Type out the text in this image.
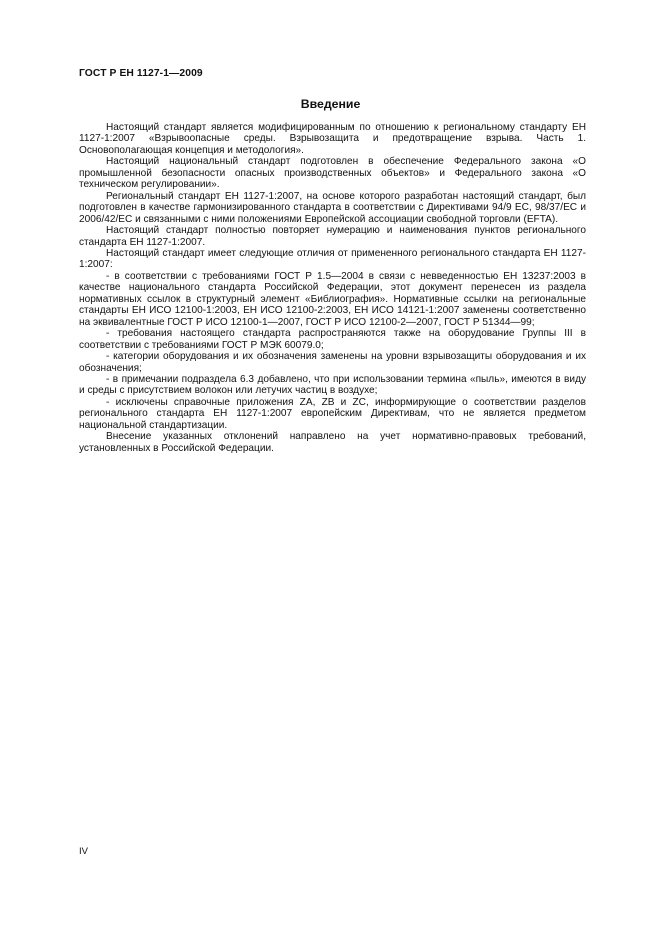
ГОСТ Р ЕН 1127-1—2009
Введение

Настоящий стандарт является модифицированным по отношению к региональному стандарту ЕН 1127-1:2007 «Взрывоопасные среды. Взрывозащита и предотвращение взрыва. Часть 1. Основополагающая концепция и методология».

Настоящий национальный стандарт подготовлен в обеспечение Федерального закона «О промышленной безопасности опасных производственных объектов» и Федерального закона «О техническом регулировании».

Региональный стандарт ЕН 1127-1:2007, на основе которого разработан настоящий стандарт, был подготовлен в качестве гармонизированного стандарта в соответствии с Директивами 94/9 ЕС, 98/37/ЕС и 2006/42/ЕС и связанными с ними положениями Европейской ассоциации свободной торговли (EFTA).

Настоящий стандарт полностью повторяет нумерацию и наименования пунктов регионального стандарта ЕН 1127-1:2007.

Настоящий стандарт имеет следующие отличия от примененного регионального стандарта ЕН 1127-1:2007:

- в соответствии с требованиями ГОСТ Р 1.5—2004 в связи с невведенностью ЕН 13237:2003 в качестве национального стандарта Российской Федерации, этот документ перенесен из раздела нормативных ссылок в структурный элемент «Библиография». Нормативные ссылки на региональные стандарты ЕН ИСО 12100-1:2003, ЕН ИСО 12100-2:2003, ЕН ИСО 14121-1:2007 заменены соответственно на эквивалентные ГОСТ Р ИСО 12100-1—2007, ГОСТ Р ИСО 12100-2—2007, ГОСТ Р 51344—99;

- требования настоящего стандарта распространяются также на оборудование Группы III в соответствии с требованиями ГОСТ Р МЭК 60079.0;

- категории оборудования и их обозначения заменены на уровни взрывозащиты оборудования и их обозначения;

- в примечании подраздела 6.3 добавлено, что при использовании термина «пыль», имеются в виду и среды с присутствием волокон или летучих частиц в воздухе;

- исключены справочные приложения ZA, ZB и ZC, информирующие о соответствии разделов регионального стандарта ЕН 1127-1:2007 европейским Директивам, что не является предметом национальной стандартизации.

Внесение указанных отклонений направлено на учет нормативно-правовых требований, установленных в Российской Федерации.

IV
